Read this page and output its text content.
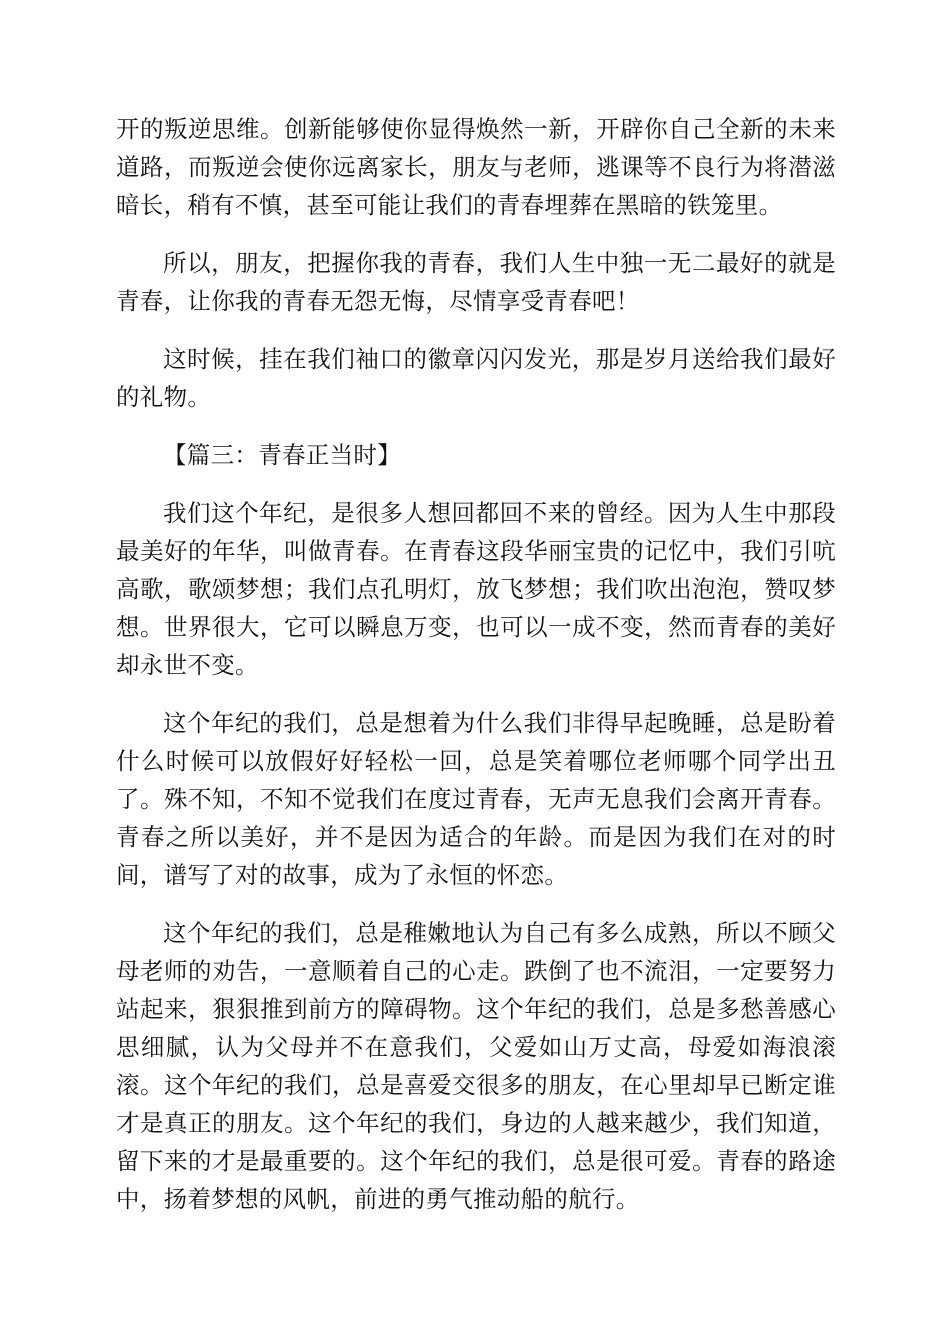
开的叛逆思维。创新能够使你显得焕然一新，开辟你自己全新的未来道路，而叛逆会使你远离家长，朋友与老师，逃课等不良行为将潜滋暗长，稍有不慎，甚至可能让我们的青春埋葬在黑暗的铁笼里。

所以，朋友，把握你我的青春，我们人生中独一无二最好的就是青春，让你我的青春无怨无悔，尽情享受青春吧！

这时候，挂在我们袖口的徽章闪闪发光，那是岁月送给我们最好的礼物。

【篇三：青春正当时】

我们这个年纪，是很多人想回都回不来的曾经。因为人生中那段最美好的年华，叫做青春。在青春这段华丽宝贵的记忆中，我们引吭高歌，歌颂梦想；我们点孔明灯，放飞梦想；我们吹出泡泡，赞叹梦想。世界很大，它可以瞬息万变，也可以一成不变，然而青春的美好却永世不变。

这个年纪的我们，总是想着为什么我们非得早起晚睡，总是盼着什么时候可以放假好好轻松一回，总是笑着哪位老师哪个同学出丑了。殊不知，不知不觉我们在度过青春，无声无息我们会离开青春。青春之所以美好，并不是因为适合的年龄。而是因为我们在对的时间，谱写了对的故事，成为了永恒的怀恋。

这个年纪的我们，总是稚嫩地认为自己有多么成熟，所以不顾父母老师的劝告，一意顺着自己的心走。跌倒了也不流泪，一定要努力站起来，狠狠推到前方的障碍物。这个年纪的我们，总是多愁善感心思细腻，认为父母并不在意我们，父爱如山万丈高，母爱如海浪滚滚。这个年纪的我们，总是喜爱交很多的朋友，在心里却早已断定谁才是真正的朋友。这个年纪的我们，身边的人越来越少，我们知道，留下来的才是最重要的。这个年纪的我们，总是很可爱。青春的路途中，扬着梦想的风帆，前进的勇气推动船的航行。
